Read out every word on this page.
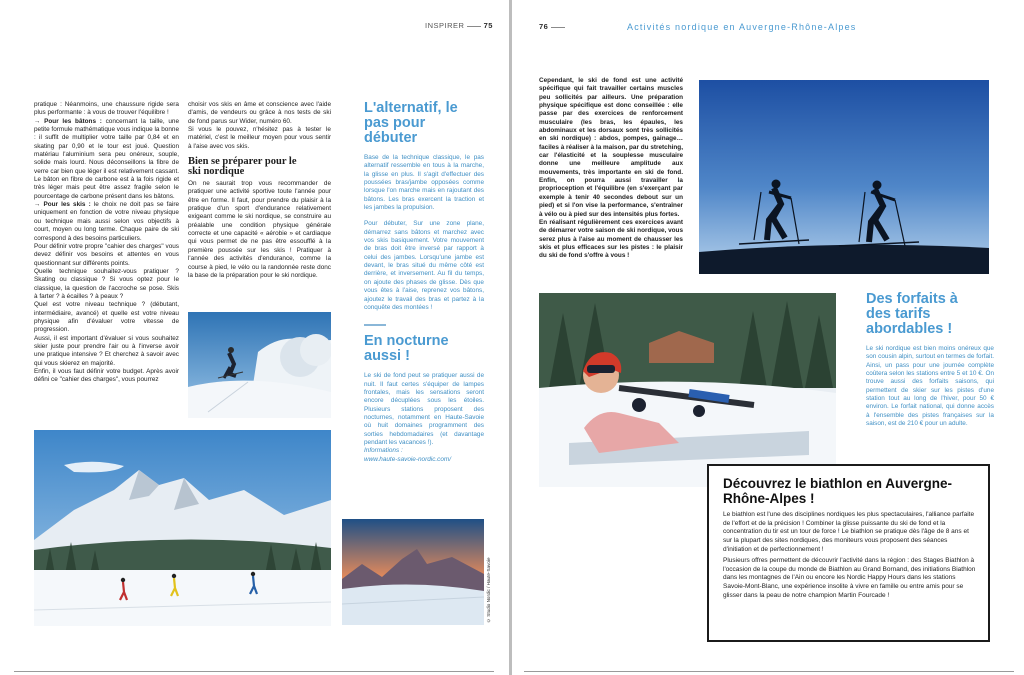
INSPIRER	75

pratique : Néanmoins, une chaussure rigide sera plus performante : à vous de trouver l'équilibre !

→ Pour les bâtons : concernant la taille, une petite formule mathématique vous indique la bonne : il suffit de multiplier votre taille par 0,84 et en skating par 0,90 et le tour est joué. Question matériau l'aluminium sera peu onéreux, souple, solide mais lourd. Nous déconseillons la fibre de verre car bien que léger il est relativement cassant. Le bâton en fibre de carbone est à la fois rigide et très léger mais peut être assez fragile selon le pourcentage de carbone présent dans les bâtons.

→ Pour les skis : le choix ne doit pas se faire uniquement en fonction de votre niveau physique ou technique mais aussi selon vos objectifs à court, moyen ou long terme. Chaque paire de ski correspond à des besoins particuliers.

Pour définir votre propre "cahier des charges" vous devez définir vos besoins et attentes en vous questionnant sur différents points.

Quelle technique souhaitez-vous pratiquer ? Skating ou classique ? Si vous optez pour le classique, la question de l'accroche se pose. Skis à farter ? à écailles ? à peaux ?

Quel est votre niveau technique ? (débutant, intermédiaire, avancé) et quelle est votre niveau physique afin d'évaluer votre vitesse de progression.

Aussi, il est important d'évaluer si vous souhaitez skier juste pour prendre l'air ou à l'inverse avoir une pratique intensive ? Et cherchez à savoir avec qui vous skierez en majorité.

Enfin, il vous faut définir votre budget. Après avoir défini ce "cahier des charges", vous pourrez

choisir vos skis en âme et conscience avec l'aide d'amis, de vendeurs ou grâce à nos tests de ski de fond parus sur Wider, numéro 60.

Si vous le pouvez, n'hésitez pas à tester le matériel, c'est le meilleur moyen pour vous sentir à l'aise avec vos skis.

Bien se préparer pour le ski nordique

On ne saurait trop vous recommander de pratiquer une activité sportive toute l'année pour être en forme. Il faut, pour prendre du plaisir à la pratique d'un sport d'endurance relativement exigeant comme le ski nordique, se construire au préalable une condition physique générale correcte et une capacité « aérobie » et cardiaque qui vous permet de ne pas être essoufflé à la première poussée sur les skis ! Pratiquer à l'année des activités d'endurance, comme la course à pied, le vélo ou la randonnée reste donc la base de la préparation pour le ski nordique.

L'alternatif, le pas pour débuter
Base de la technique classique, le pas alternatif ressemble en tous à la marche, la glisse en plus. Il s'agit d'effectuer des poussées bras/jambe opposées comme lorsque l'on marche mais en rajoutant des bâtons. Les bras exercent la traction et les jambes la propulsion.
Pour débuter, Sur une zone plane, démarrez sans bâtons et marchez avec vos skis basiquement. Votre mouvement de bras doit être inversé par rapport à celui des jambes. Lorsqu'une jambe est devant, le bras situé du même côté est derrière, et inversement. Au fil du temps, on ajoute des phases de glisse. Dès que vous êtes à l'aise, reprenez vos bâtons, ajoutez le travail des bras et partez à la conquête des montées !
En nocturne aussi !
Le ski de fond peut se pratiquer aussi de nuit. Il faut certes s'équiper de lampes frontales, mais les sensations seront encore décuplées sous les étoiles. Plusieurs stations proposent des nocturnes, notamment en Haute-Savoie où huit domaines programment des sorties hebdomadaires (et davantage pendant les vacances !).
Informations :
www.haute-savoie-nordic.com/
© Studio Nordic / Haute-Savoie
76	Activités nordique en Auvergne-Rhône-Alpes

Cependant, le ski de fond est une activité spécifique qui fait travailler certains muscles peu sollicités par ailleurs. Une préparation physique spécifique est donc conseillée : elle passe par des exercices de renforcement musculaire (les bras, les épaules, les abdominaux et les dorsaux sont très sollicités en ski nordique) : abdos, pompes, gainage… faciles à réaliser à la maison, par du stretching, car l'élasticité et la souplesse musculaire donne une meilleure amplitude aux mouvements, très importante en ski de fond. Enfin, on pourra aussi travailler la proprioception et l'équilibre (en s'exerçant par exemple à tenir 40 secondes debout sur un pied) et si l'on vise la performance, s'entraîner à vélo ou à pied sur des intensités plus fortes.

En réalisant régulièrement ces exercices avant de démarrer votre saison de ski nordique, vous serez plus à l'aise au moment de chausser les skis et plus efficaces sur les pistes : le plaisir du ski de fond s'offre à vous !

Des forfaits à des tarifs abordables !
Le ski nordique est bien moins onéreux que son cousin alpin, surtout en termes de forfait. Ainsi, un pass pour une journée complète coûtera selon les stations entre 5 et 10 €. On trouve aussi des forfaits saisons, qui permettent de skier sur les pistes d'une station tout au long de l'hiver, pour 50 € environ. Le forfait national, qui donne accès à l'ensemble des pistes françaises sur la saison, est de 210 € pour un adulte.
Découvrez le biathlon en Auvergne-Rhône-Alpes !
Le biathlon est l'une des disciplines nordiques les plus spectaculaires, l'alliance parfaite de l'effort et de la précision ! Combiner la glisse puissante du ski de fond et la concentration du tir est un tour de force ! Le biathlon se pratique dès l'âge de 8 ans et sur la plupart des sites nordiques, des moniteurs vous proposent des séances d'initiation et de perfectionnement !
Plusieurs offres permettent de découvrir l'activité dans la région : des Stages Biathlon à l'occasion de la coupe du monde de Biathlon au Grand Bornand, des initiations Biathlon dans les montagnes de l'Ain ou encore les Nordic Happy Hours dans les stations Savoie-Mont-Blanc, une expérience insolite à vivre en famille ou entre amis pour se glisser dans la peau de notre champion Martin Fourcade !
